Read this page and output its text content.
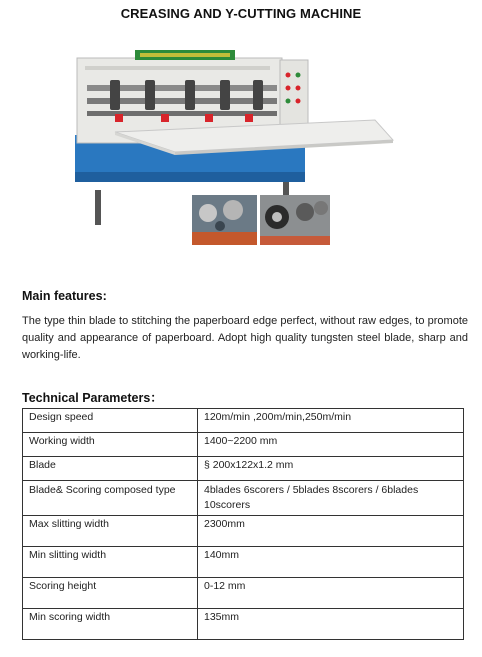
CREASING AND Y-CUTTING MACHINE
Main features:
The type thin blade to stitching the paperboard edge perfect, without raw edges, to promote quality and appearance of paperboard. Adopt high quality tungsten steel blade, sharp and working-life.
Technical Parameters：
Design speed	120m/min ,200m/min,250m/min
Working width	1400~2200 mm
Blade	§ 200x122x1.2 mm
Blade& Scoring composed type	4blades 6scorers / 5blades 8scorers / 6blades 10scorers
Max slitting width	2300mm
Min slitting width	140mm
Scoring height	0-12 mm
Min scoring width	135mm
